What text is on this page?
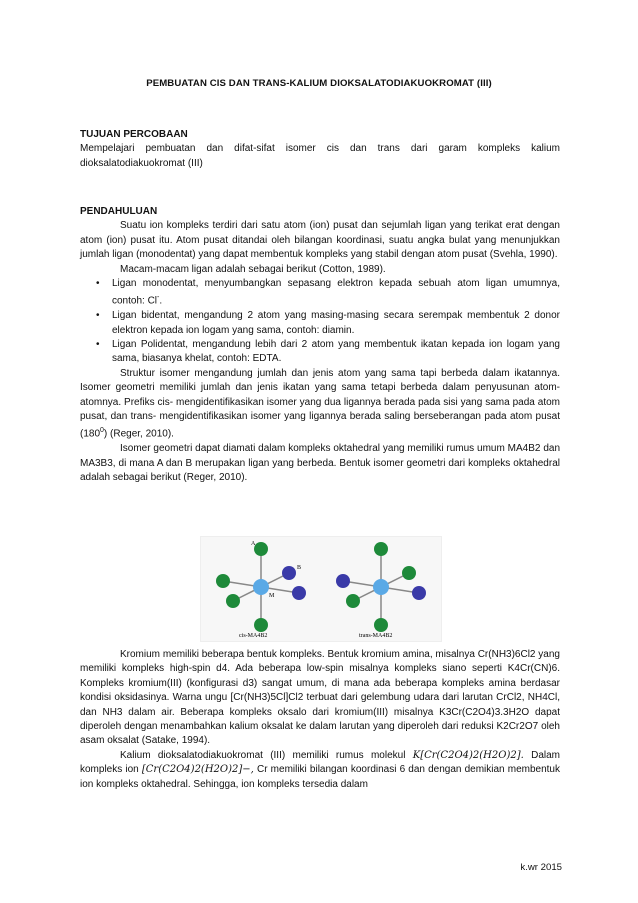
PEMBUATAN CIS DAN TRANS-KALIUM DIOKSALATODIAKUOKROMAT (III)

TUJUAN PERCOBAAN

Mempelajari pembuatan dan difat-sifat isomer cis dan trans dari garam kompleks kalium dioksalatodiakuokromat (III)

PENDAHULUAN

Suatu ion kompleks terdiri dari satu atom (ion) pusat dan sejumlah ligan yang terikat erat dengan atom (ion) pusat itu. Atom pusat ditandai oleh bilangan koordinasi, suatu angka bulat yang menunjukkan jumlah ligan (monodentat) yang dapat membentuk kompleks yang stabil dengan atom pusat (Svehla, 1990).

Macam-macam ligan adalah sebagai berikut (Cotton, 1989).

• Ligan monodentat, menyumbangkan sepasang elektron kepada sebuah atom ligan umumnya, contoh: Cl-.
• Ligan bidentat, mengandung 2 atom yang masing-masing secara serempak membentuk 2 donor elektron kepada ion logam yang sama, contoh: diamin.
• Ligan Polidentat, mengandung lebih dari 2 atom yang membentuk ikatan kepada ion logam yang sama, biasanya khelat, contoh: EDTA.

Struktur isomer mengandung jumlah dan jenis atom yang sama tapi berbeda dalam ikatannya. Isomer geometri memiliki jumlah dan jenis ikatan yang sama tetapi berbeda dalam penyusunan atom-atomnya. Prefiks cis- mengidentifikasikan isomer yang dua ligannya berada pada sisi yang sama pada atom pusat, dan trans- mengidentifikasikan isomer yang ligannya berada saling berseberangan pada atom pusat $(180^0)$ (Reger, 2010).

Isomer geometri dapat diamati dalam kompleks oktahedral yang memiliki rumus umum MA4B2 dan MA3B3, di mana A dan B merupakan ligan yang berbeda. Bentuk isomer geometri dari kompleks oktahedral adalah sebagai berikut (Reger, 2010).

A
B
M
cis-MA4B2	trans-MA4B2

Kromium memiliki beberapa bentuk kompleks. Bentuk kromium amina, misalnya Cr(NH3)6Cl2 yang memiliki kompleks high-spin d4. Ada beberapa low-spin misalnya kompleks siano seperti K4Cr(CN)6. Kompleks kromium(III) (konfigurasi d3) sangat umum, di mana ada beberapa kompleks amina berdasar kondisi oksidasinya. Warna ungu [Cr(NH3)5Cl]Cl2 terbuat dari gelembung udara dari larutan CrCl2, NH4Cl, dan NH3 dalam air. Beberapa kompleks oksalo dari kromium(III) misalnya K3Cr(C2O4)3.3H2O dapat diperoleh dengan menambahkan kalium oksalat ke dalam larutan yang diperoleh dari reduksi K2Cr2O7 oleh asam oksalat (Satake, 1994).

Kalium dioksalatodiakuokromat (III) memiliki rumus molekul K[Cr(C2O4)2(H2O)2]. Dalam kompleks ion [Cr(C2O4)2(H2O)2]−, Cr memiliki bilangan koordinasi 6 dan dengan demikian membentuk ion kompleks oktahedral. Sehingga, ion kompleks tersedia dalam

k.wr 2015
